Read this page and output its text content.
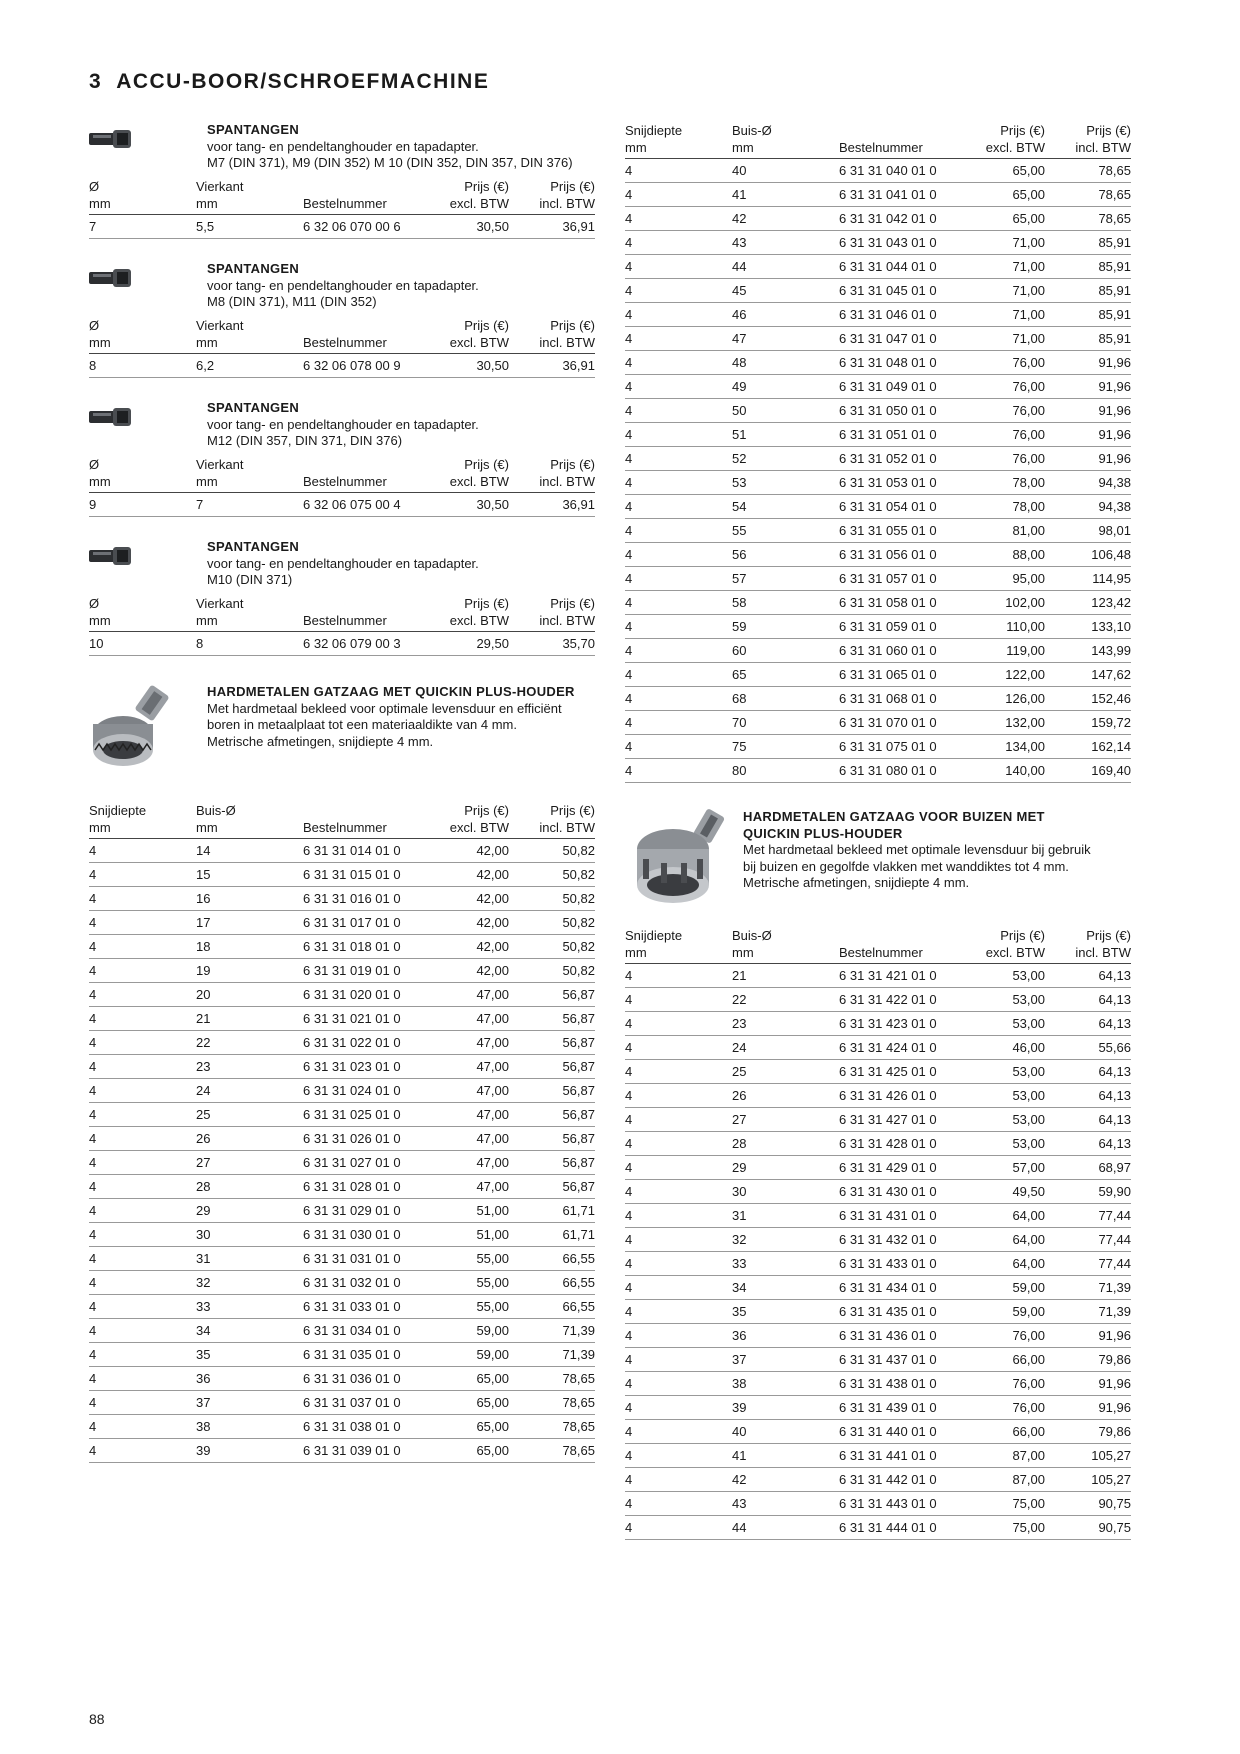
3 ACCU-BOOR/SCHROEFMACHINE
SPANTANGEN
voor tang- en pendeltanghouder en tapadapter.
M7 (DIN 371), M9 (DIN 352) M 10 (DIN 352, DIN 357, DIN 376)
Ø	Vierkant		Prijs (€)	Prijs (€)
mm	mm	Bestelnummer	excl. BTW	incl. BTW
7	5,5	6 32 06 070 00 6	30,50	36,91
SPANTANGEN
voor tang- en pendeltanghouder en tapadapter.
M8 (DIN 371), M11 (DIN 352)
Ø	Vierkant		Prijs (€)	Prijs (€)
mm	mm	Bestelnummer	excl. BTW	incl. BTW
8	6,2	6 32 06 078 00 9	30,50	36,91
SPANTANGEN
voor tang- en pendeltanghouder en tapadapter.
M12 (DIN 357, DIN 371, DIN 376)
Ø	Vierkant		Prijs (€)	Prijs (€)
mm	mm	Bestelnummer	excl. BTW	incl. BTW
9	7	6 32 06 075 00 4	30,50	36,91
SPANTANGEN
voor tang- en pendeltanghouder en tapadapter.
M10 (DIN 371)
Ø	Vierkant		Prijs (€)	Prijs (€)
mm	mm	Bestelnummer	excl. BTW	incl. BTW
10	8	6 32 06 079 00 3	29,50	35,70
HARDMETALEN GATZAAG MET QUICKIN PLUS-HOUDER
Met hardmetaal bekleed voor optimale levensduur en efficiënt
boren in metaalplaat tot een materiaaldikte van 4 mm.
Metrische afmetingen, snijdiepte 4 mm.
Snijdiepte	Buis-Ø		Prijs (€)	Prijs (€)
mm	mm	Bestelnummer	excl. BTW	incl. BTW
4	14	6 31 31 014 01 0	42,00	50,82
4	15	6 31 31 015 01 0	42,00	50,82
4	16	6 31 31 016 01 0	42,00	50,82
4	17	6 31 31 017 01 0	42,00	50,82
4	18	6 31 31 018 01 0	42,00	50,82
4	19	6 31 31 019 01 0	42,00	50,82
4	20	6 31 31 020 01 0	47,00	56,87
4	21	6 31 31 021 01 0	47,00	56,87
4	22	6 31 31 022 01 0	47,00	56,87
4	23	6 31 31 023 01 0	47,00	56,87
4	24	6 31 31 024 01 0	47,00	56,87
4	25	6 31 31 025 01 0	47,00	56,87
4	26	6 31 31 026 01 0	47,00	56,87
4	27	6 31 31 027 01 0	47,00	56,87
4	28	6 31 31 028 01 0	47,00	56,87
4	29	6 31 31 029 01 0	51,00	61,71
4	30	6 31 31 030 01 0	51,00	61,71
4	31	6 31 31 031 01 0	55,00	66,55
4	32	6 31 31 032 01 0	55,00	66,55
4	33	6 31 31 033 01 0	55,00	66,55
4	34	6 31 31 034 01 0	59,00	71,39
4	35	6 31 31 035 01 0	59,00	71,39
4	36	6 31 31 036 01 0	65,00	78,65
4	37	6 31 31 037 01 0	65,00	78,65
4	38	6 31 31 038 01 0	65,00	78,65
4	39	6 31 31 039 01 0	65,00	78,65
Snijdiepte	Buis-Ø		Prijs (€)	Prijs (€)
mm	mm	Bestelnummer	excl. BTW	incl. BTW
4	40	6 31 31 040 01 0	65,00	78,65
4	41	6 31 31 041 01 0	65,00	78,65
4	42	6 31 31 042 01 0	65,00	78,65
4	43	6 31 31 043 01 0	71,00	85,91
4	44	6 31 31 044 01 0	71,00	85,91
4	45	6 31 31 045 01 0	71,00	85,91
4	46	6 31 31 046 01 0	71,00	85,91
4	47	6 31 31 047 01 0	71,00	85,91
4	48	6 31 31 048 01 0	76,00	91,96
4	49	6 31 31 049 01 0	76,00	91,96
4	50	6 31 31 050 01 0	76,00	91,96
4	51	6 31 31 051 01 0	76,00	91,96
4	52	6 31 31 052 01 0	76,00	91,96
4	53	6 31 31 053 01 0	78,00	94,38
4	54	6 31 31 054 01 0	78,00	94,38
4	55	6 31 31 055 01 0	81,00	98,01
4	56	6 31 31 056 01 0	88,00	106,48
4	57	6 31 31 057 01 0	95,00	114,95
4	58	6 31 31 058 01 0	102,00	123,42
4	59	6 31 31 059 01 0	110,00	133,10
4	60	6 31 31 060 01 0	119,00	143,99
4	65	6 31 31 065 01 0	122,00	147,62
4	68	6 31 31 068 01 0	126,00	152,46
4	70	6 31 31 070 01 0	132,00	159,72
4	75	6 31 31 075 01 0	134,00	162,14
4	80	6 31 31 080 01 0	140,00	169,40
HARDMETALEN GATZAAG VOOR BUIZEN MET
QUICKIN PLUS-HOUDER
Met hardmetaal bekleed met optimale levensduur bij gebruik
bij buizen en gegolfde vlakken met wanddiktes tot 4 mm.
Metrische afmetingen, snijdiepte 4 mm.
Snijdiepte	Buis-Ø		Prijs (€)	Prijs (€)
mm	mm	Bestelnummer	excl. BTW	incl. BTW
4	21	6 31 31 421 01 0	53,00	64,13
4	22	6 31 31 422 01 0	53,00	64,13
4	23	6 31 31 423 01 0	53,00	64,13
4	24	6 31 31 424 01 0	46,00	55,66
4	25	6 31 31 425 01 0	53,00	64,13
4	26	6 31 31 426 01 0	53,00	64,13
4	27	6 31 31 427 01 0	53,00	64,13
4	28	6 31 31 428 01 0	53,00	64,13
4	29	6 31 31 429 01 0	57,00	68,97
4	30	6 31 31 430 01 0	49,50	59,90
4	31	6 31 31 431 01 0	64,00	77,44
4	32	6 31 31 432 01 0	64,00	77,44
4	33	6 31 31 433 01 0	64,00	77,44
4	34	6 31 31 434 01 0	59,00	71,39
4	35	6 31 31 435 01 0	59,00	71,39
4	36	6 31 31 436 01 0	76,00	91,96
4	37	6 31 31 437 01 0	66,00	79,86
4	38	6 31 31 438 01 0	76,00	91,96
4	39	6 31 31 439 01 0	76,00	91,96
4	40	6 31 31 440 01 0	66,00	79,86
4	41	6 31 31 441 01 0	87,00	105,27
4	42	6 31 31 442 01 0	87,00	105,27
4	43	6 31 31 443 01 0	75,00	90,75
4	44	6 31 31 444 01 0	75,00	90,75
88
